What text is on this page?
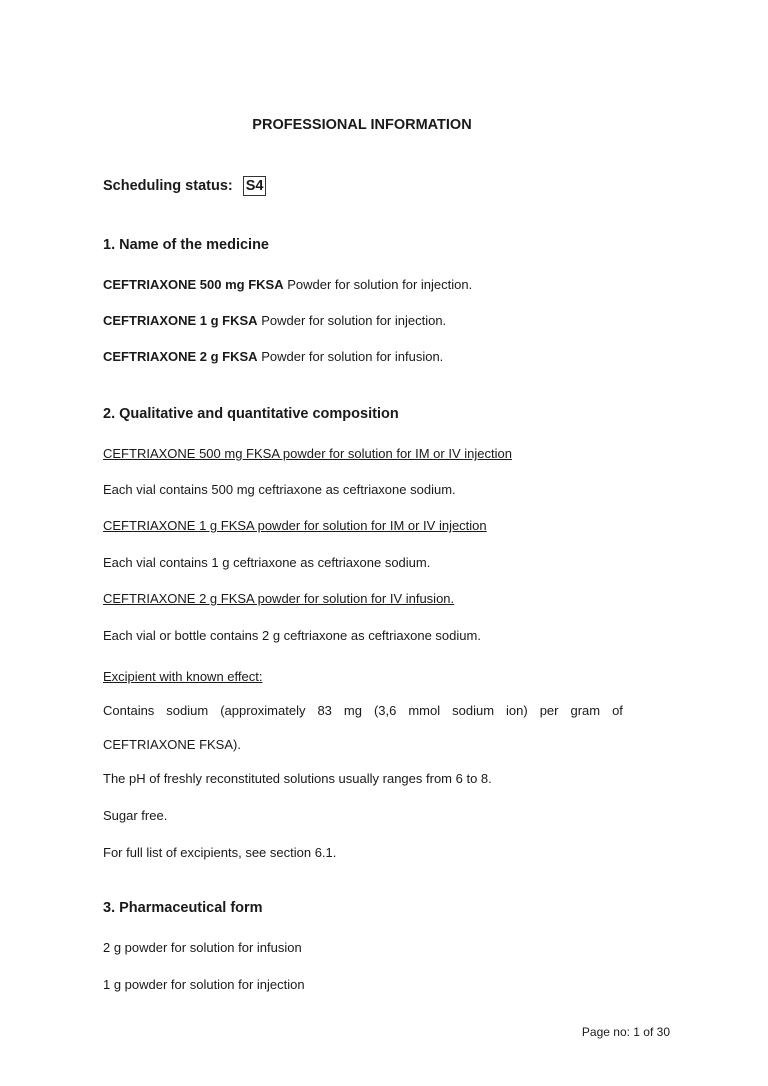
PROFESSIONAL INFORMATION
Scheduling status: S4
1. Name of the medicine
CEFTRIAXONE 500 mg FKSA Powder for solution for injection.
CEFTRIAXONE 1 g FKSA Powder for solution for injection.
CEFTRIAXONE 2 g FKSA Powder for solution for infusion.
2. Qualitative and quantitative composition
CEFTRIAXONE 500 mg FKSA powder for solution for IM or IV injection
Each vial contains 500 mg ceftriaxone as ceftriaxone sodium.
CEFTRIAXONE 1 g FKSA powder for solution for IM or IV injection
Each vial contains 1 g ceftriaxone as ceftriaxone sodium.
CEFTRIAXONE 2 g FKSA powder for solution for IV infusion.
Each vial or bottle contains 2 g ceftriaxone as ceftriaxone sodium.
Excipient with known effect:
Contains sodium (approximately 83 mg (3,6 mmol sodium ion) per gram of
CEFTRIAXONE FKSA).
The pH of freshly reconstituted solutions usually ranges from 6 to 8.
Sugar free.
For full list of excipients, see section 6.1.
3. Pharmaceutical form
2 g powder for solution for infusion
1 g powder for solution for injection
Page no: 1 of 30
